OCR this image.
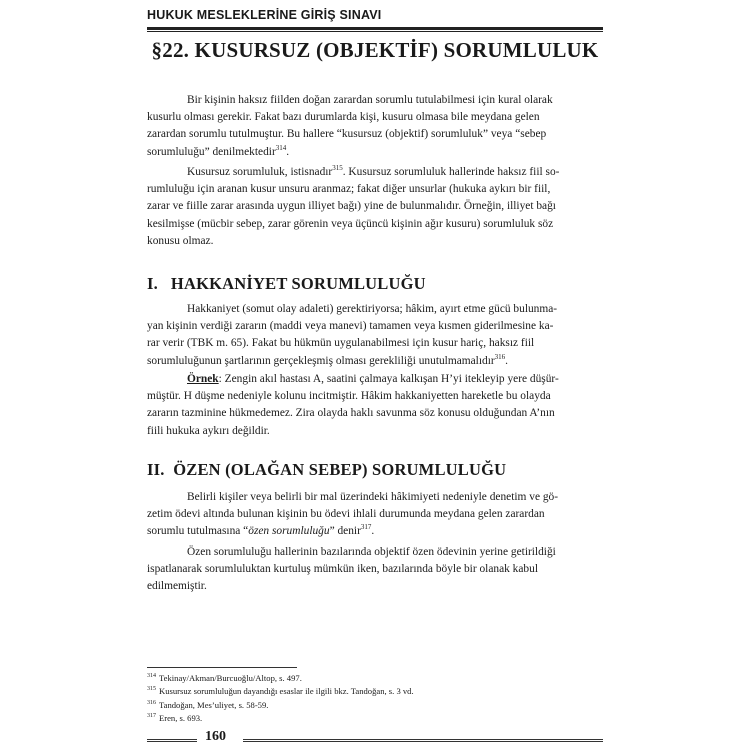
HUKUK MESLEKLERİNE GİRİŞ SINAVI
§22. KUSURSUZ (OBJEKTİF) SORUMLULUK
Bir kişinin haksız fiilden doğan zarardan sorumlu tutulabilmesi için kural olarak
kusurlu olması gerekir. Fakat bazı durumlarda kişi, kusuru olmasa bile meydana gelen
zarardan sorumlu tutulmuştur. Bu hallere “kusursuz (objektif) sorumluluk” veya “sebep
sorumluluğu” denilmektedir$^{314}$.
Kusursuz sorumluluk, istisnadır$^{315}$. Kusursuz sorumluluk hallerinde haksız fiil so-
rumluluğu için aranan kusur unsuru aranmaz; fakat diğer unsurlar (hukuka aykırı bir fiil,
zarar ve fiille zarar arasında uygun illiyet bağı) yine de bulunmalıdır. Örneğin, illiyet bağı
kesilmişse (mücbir sebep, zarar görenin veya üçüncü kişinin ağır kusuru) sorumluluk söz
konusu olmaz.
I.   HAKKANİYET SORUMLULUĞU
Hakkaniyet (somut olay adaleti) gerektiriyorsa; hâkim, ayırt etme gücü bulunma-
yan kişinin verdiği zararın (maddi veya manevi) tamamen veya kısmen giderilmesine ka-
rar verir (TBK m. 65). Fakat bu hükmün uygulanabilmesi için kusur hariç, haksız fiil
sorumluluğunun şartlarının gerçekleşmiş olması gerekliliği unutulmamalıdır$^{316}$.
Örnek: Zengin akıl hastası A, saatini çalmaya kalkışan H’yi itekleyip yere düşür-
müştür. H düşme nedeniyle kolunu incitmiştir. Hâkim hakkaniyetten hareketle bu olayda
zararın tazminine hükmedemez. Zira olayda haklı savunma söz konusu olduğundan A’nın
fiili hukuka aykırı değildir.
II.  ÖZEN (OLAĞAN SEBEP) SORUMLULUĞU
Belirli kişiler veya belirli bir mal üzerindeki hâkimiyeti nedeniyle denetim ve gö-
zetim ödevi altında bulunan kişinin bu ödevi ihlali durumunda meydana gelen zarardan
sorumlu tutulmasına “özen sorumluluğu” denir$^{317}$.
Özen sorumluluğu hallerinin bazılarında objektif özen ödevinin yerine getirildiği
ispatlanarak sorumluluktan kurtuluş mümkün iken, bazılarında böyle bir olanak kabul
edilmemiştir.
314 Tekinay/Akman/Burcuoğlu/Altop, s. 497.
315 Kusursuz sorumluluğun dayandığı esaslar ile ilgili bkz. Tandoğan, s. 3 vd.
316 Tandoğan, Mes’uliyet, s. 58-59.
317 Eren, s. 693.
160
